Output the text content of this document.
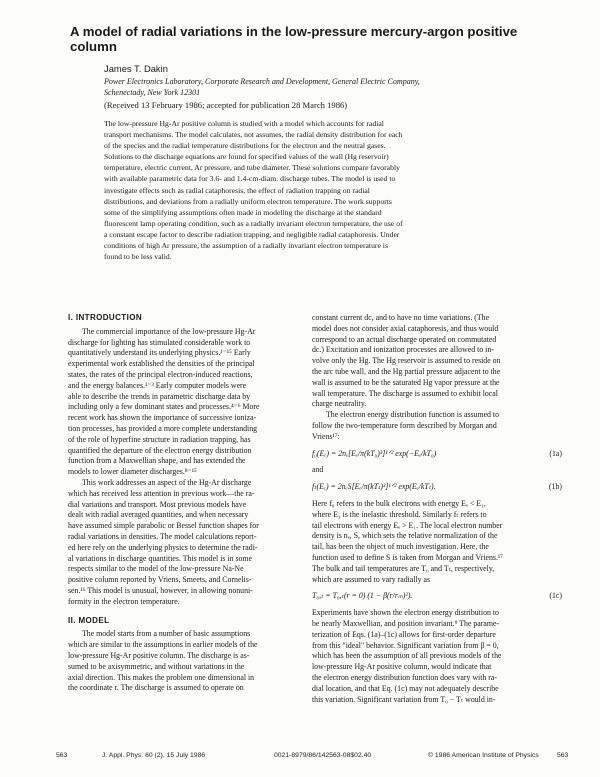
A model of radial variations in the low-pressure mercury-argon positive column

James T. Dakin

Power Electronics Laboratory, Corporate Research and Development, General Electric Company,
Schenectady, New York 12301

(Received 13 February 1986; accepted for publication 28 March 1986)

The low-pressure Hg-Ar positive column is studied with a model which accounts for radial
transport mechanisms. The model calculates, not assumes, the radial density distribution for each
of the species and the radial temperature distributions for the electron and the neutral gases.
Solutions to the discharge equations are found for specified values of the wall (Hg reservoir)
temperature, electric current, Ar pressure, and tube diameter. These solutions compare favorably
with available parametric data for 3.6- and 1.4-cm-diam. discharge tubes. The model is used to
investigate effects such as radial cataphoresis, the effect of radiation trapping on radial
distributions, and deviations from a radially uniform electron temperature. The work supports
some of the simplifying assumptions often made in modeling the discharge at the standard
fluorescent lamp operating condition, such as a radially invariant electron temperature, the use of
a constant escape factor to describe radiation trapping, and negligible radial cataphoresis. Under
conditions of high Ar pressure, the assumption of a radially invariant electron temperature is
found to be less valid.
I. INTRODUCTION
The commercial importance of the low-pressure Hg-Ar
discharge for lighting has stimulated considerable work to
quantitatively understand its underlying physics.¹⁻¹⁵ Early
experimental work established the densities of the principal
states, the rates of the principal electron-induced reactions,
and the energy balances.¹⁻³ Early computer models were
able to describe the trends in parametric discharge data by
including only a few dominant states and processes.⁴⁻⁶ More
recent work has shown the importance of successive ioniza-
tion processes, has provided a more complete understanding
of the role of hyperfine structure in radiation trapping, has
quantified the departure of the electron energy distribution
function from a Maxwellian shape, and has extended the
models to lower diameter discharges.⁸⁻¹⁵
This work addresses an aspect of the Hg-Ar discharge
which has received less attention in previous work—the ra-
dial variations and transport. Most previous models have
dealt with radial averaged quantities, and when necessary
have assumed simple parabolic or Bessel function shapes for
radial variations in densities. The model calculations report-
ed here rely on the underlying physics to determine the radi-
al variations in discharge quantities. This model is in some
respects similar to the model of the low-pressure Na-Ne
positive column reported by Vriens, Smeets, and Cornelis-
sen.¹⁶ This model is unusual, however, in allowing nonuni-
formity in the electron temperature.
II. MODEL
The model starts from a number of basic assumptions
which are similar to the assumptions in earlier models of the
low-pressure Hg-Ar positive column. The discharge is as-
sumed to be axisymmetric, and without variations in the
axial direction. This makes the problem one dimensional in
the coordinate r. The discharge is assumed to operate on
constant current dc, and to have no time variations. (The
model does not consider axial cataphoresis, and thus would
correspond to an actual discharge operated on commutated
dc.) Excitation and ionization processes are allowed to in-
volve only the Hg. The Hg reservoir is assumed to reside on
the arc tube wall, and the Hg partial pressure adjacent to the
wall is assumed to be the saturated Hg vapor pressure at the
wall temperature. The discharge is assumed to exhibit local
charge neutrality.
The electron energy distribution function is assumed to
follow the two-temperature form described by Morgan and
Vriens¹⁷:
f₀(Eₑ) = 2nₑ[Eₑ/π(kT₀)³]¹ᐟ² exp(−Eₑ/kT₀)	(1a)
and
fₜ(Eₑ) = 2nₑS[Eₑ/π(kTₜ)³]¹ᐟ² exp(Eₑ/kTₜ).	(1b)
Here f₀ refers to the bulk electrons with energy Eₑ < E₁,
where E₁ is the inelastic threshold. Similarly fₜ refers to
tail electrons with energy Eₑ > E₁. The local electron number
density is nₑ, S, which sets the relative normalization of the
tail, has been the object of much investigation. Here, the
function used to define S is taken from Morgan and Vriens.¹⁷
The bulk and tail temperatures are T₀ and Tₜ, respectively,
which are assumed to vary radially as
T₀,ₜ = T₀,ₜ(r = 0) (1 − β(r/rₘ)²).	(1c)
Experiments have shown the electron energy distribution to
be nearly Maxwellian, and position invariant.⁹ The parame-
terization of Eqs. (1a)–(1c) allows for first-order departure
from this "ideal" behavior. Significant variation from β = 0,
which has been the assumption of all previous models of the
low-pressure Hg-Ar positive column, would indicate that
the electron energy distribution function does vary with ra-
dial location, and that Eq. (1c) may not adequately describe
this variation. Significant variation from T₀ − Tₜ would in-
563	J. Appl. Phys. 60 (2), 15 July 1986	0021-8979/86/142563-08$02.40	© 1986 American Institute of Physics	563
